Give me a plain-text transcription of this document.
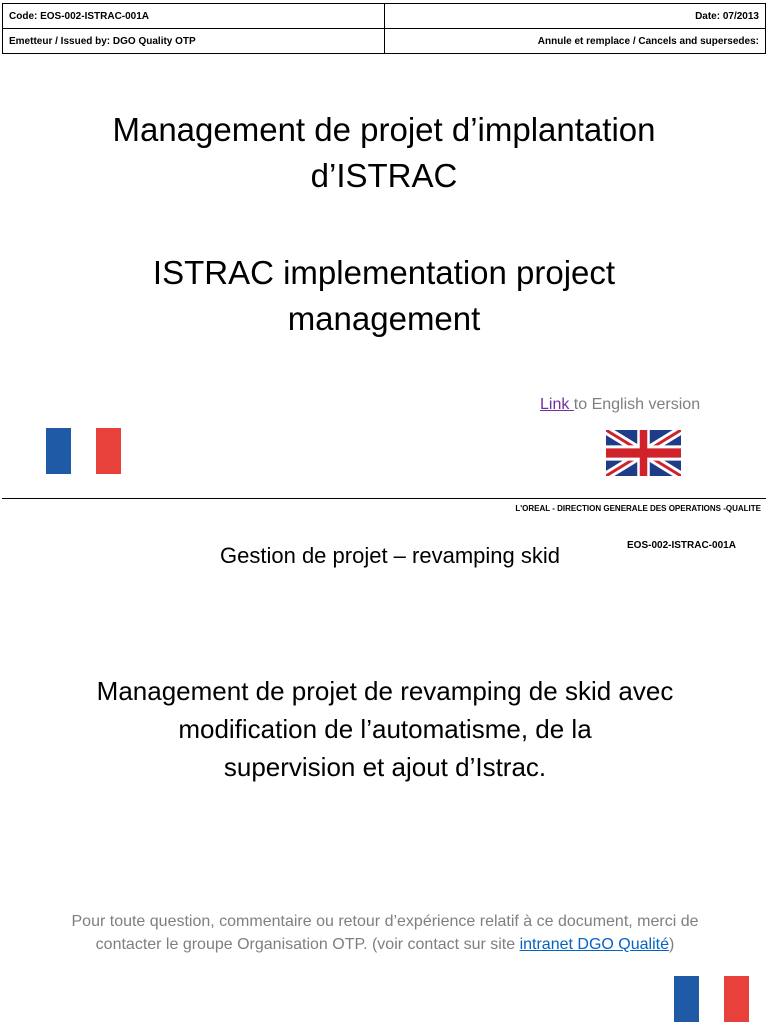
Code: EOS-002-ISTRAC-001A	Date: 07/2013
Emetteur / Issued by: DGO Quality OTP	Annule et remplace / Cancels and supersedes:
Management de projet d’implantation
d’ISTRAC
ISTRAC implementation project
management
Link to English version
L'OREAL - DIRECTION GENERALE DES OPERATIONS -QUALITE
Gestion de projet – revamping skid	EOS-002-ISTRAC-001A
Management de projet de revamping de skid avec
modification de l’automatisme, de la
supervision et ajout d’Istrac.
Pour toute question, commentaire ou retour d’expérience relatif à ce document, merci de
contacter le groupe Organisation OTP. (voir contact sur site intranet DGO Qualité)
